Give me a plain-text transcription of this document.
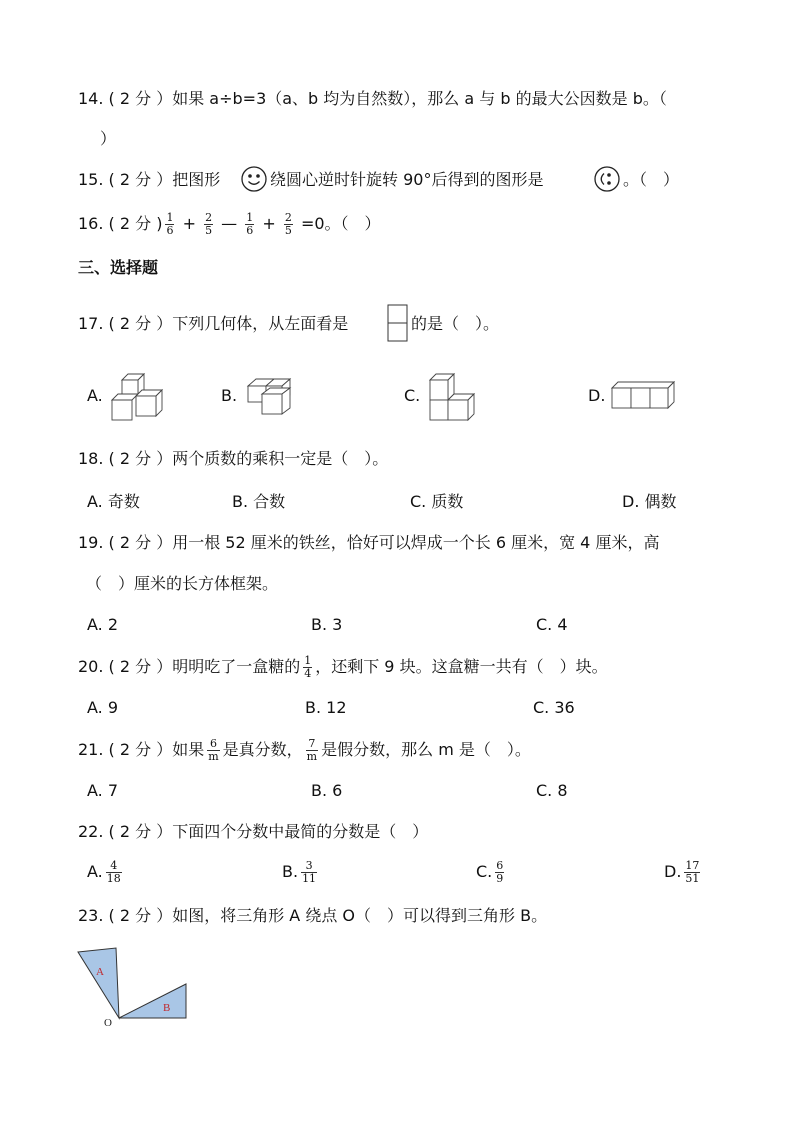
14. ( 2 分 ）如果 a÷b=3（a、b 均为自然数），那么 a 与 b 的最大公因数是 b。（
）
15. ( 2 分 ）把图形	绕圆心逆时针旋转 90°后得到的图形是	。（　）
16. ( 2 分 ) $\frac{1}{6} + \frac{2}{5}$ — $\frac{1}{6} + \frac{2}{5} =0$。（　）
三、选择题
17. ( 2 分 ）下列几何体，从左面看是	的是（　）。
A.	B.	C.	D.
18. ( 2 分 ）两个质数的乘积一定是（　）。
A. 奇数	B. 合数	C. 质数	D. 偶数
19. ( 2 分 ）用一根 52 厘米的铁丝，恰好可以焊成一个长 6 厘米，宽 4 厘米，高
（　）厘米的长方体框架。
A. 2	B. 3	C. 4
20. ( 2 分 ）明明吃了一盒糖的 $\frac{1}{4}$ ，还剩下 9 块。这盒糖一共有（　）块。
A. 9	B. 12	C. 36
21. ( 2 分 ）如果 $\frac{6}{m}$ 是真分数， $\frac{7}{m}$ 是假分数，那么 m 是（　）。
A. 7	B. 6	C. 8
22. ( 2 分 ）下面四个分数中最简的分数是（　）
A. $\frac{4}{18}$	B. $\frac{3}{11}$	C. $\frac{6}{9}$	D. $\frac{17}{51}$
23. ( 2 分 ）如图，将三角形 A 绕点 O（　）可以得到三角形 B。
A
B
O
